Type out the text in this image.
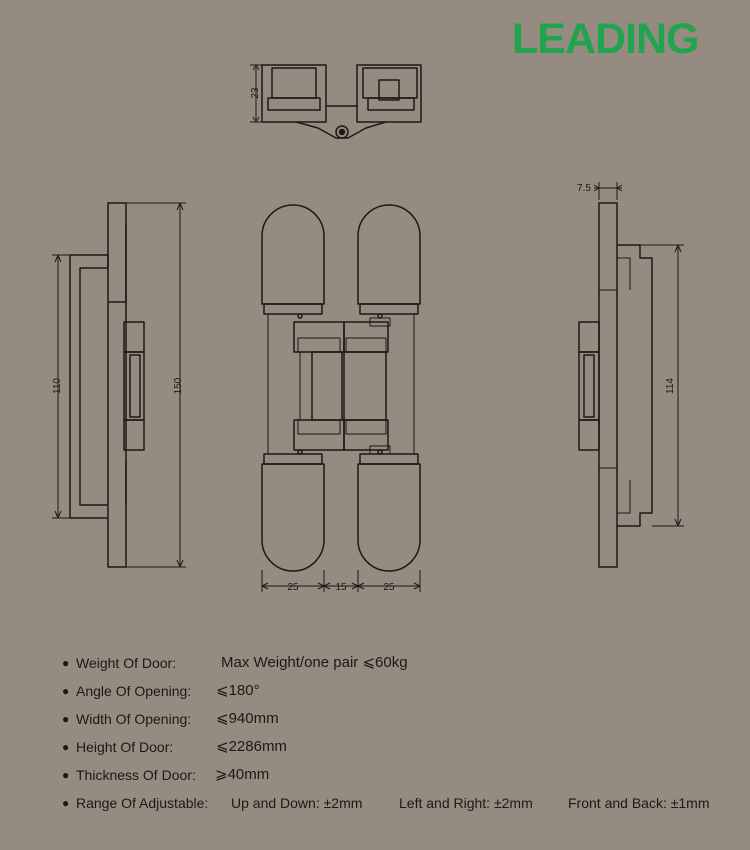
LEADING
23
110	150
25	15	25
7.5
114
● Weight Of Door:	Max Weight/one pair ⩽60kg
● Angle Of Opening: ⩽180°
● Width Of Opening: ⩽940mm
● Height Of Door:	⩽2286mm
● Thickness Of Door: ⩾40mm
● Range Of Adjustable: Up and Down: ±2mm	Left and Right: ±2mm	Front and Back: ±1mm
